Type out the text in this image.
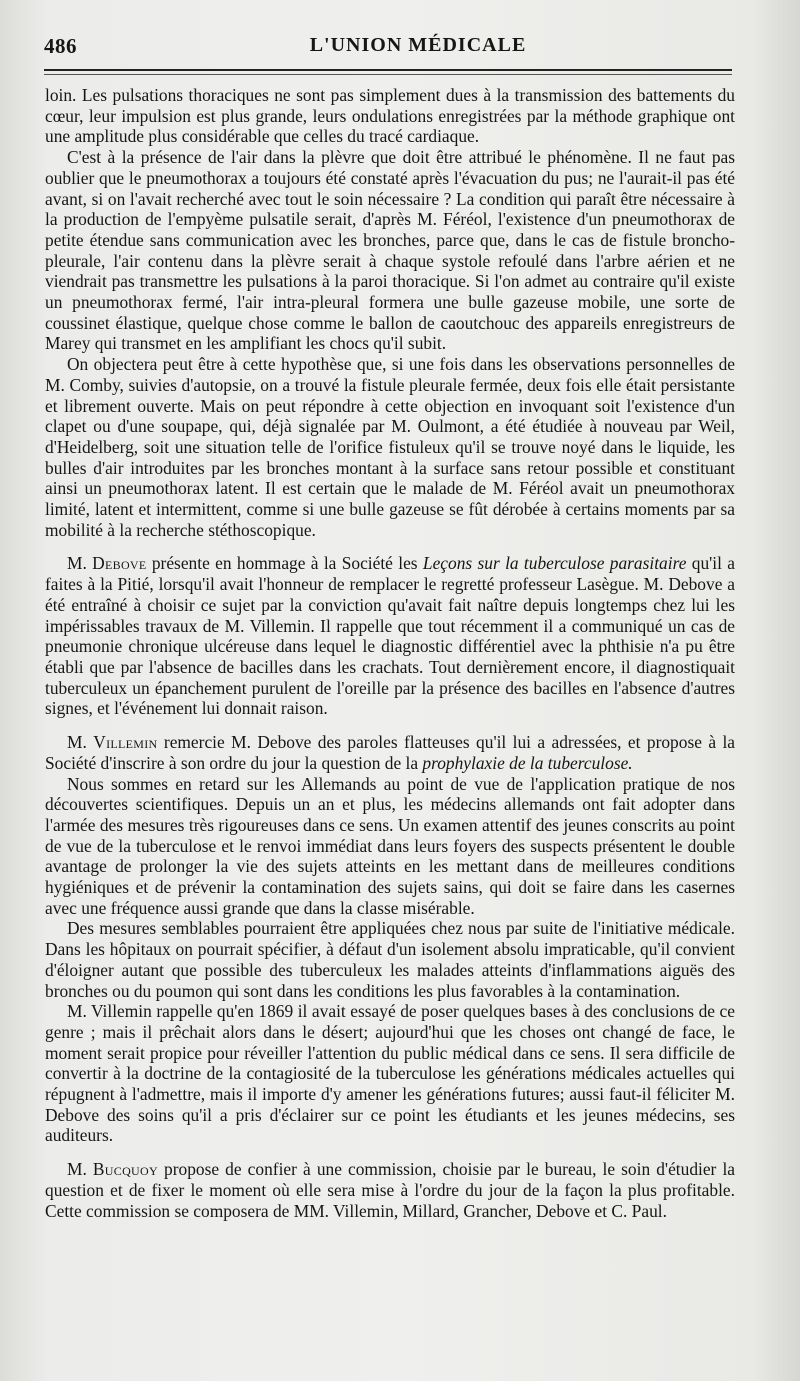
486	L'UNION MÉDICALE

loin. Les pulsations thoraciques ne sont pas simplement dues à la transmission des battements du cœur, leur impulsion est plus grande, leurs ondulations enregistrées par la méthode graphique ont une amplitude plus considérable que celles du tracé cardiaque.

C'est à la présence de l'air dans la plèvre que doit être attribué le phénomène. Il ne faut pas oublier que le pneumothorax a toujours été constaté après l'évacuation du pus; ne l'aurait-il pas été avant, si on l'avait recherché avec tout le soin nécessaire ? La condition qui paraît être nécessaire à la production de l'empyème pulsatile serait, d'après M. Féréol, l'existence d'un pneumothorax de petite étendue sans communication avec les bronches, parce que, dans le cas de fistule broncho-pleurale, l'air contenu dans la plèvre serait à chaque systole refoulé dans l'arbre aérien et ne viendrait pas transmettre les pulsations à la paroi thoracique. Si l'on admet au contraire qu'il existe un pneumothorax fermé, l'air intra-pleural formera une bulle gazeuse mobile, une sorte de coussinet élastique, quelque chose comme le ballon de caoutchouc des appareils enregistreurs de Marey qui transmet en les amplifiant les chocs qu'il subit.

On objectera peut être à cette hypothèse que, si une fois dans les observations personnelles de M. Comby, suivies d'autopsie, on a trouvé la fistule pleurale fermée, deux fois elle était persistante et librement ouverte. Mais on peut répondre à cette objection en invoquant soit l'existence d'un clapet ou d'une soupape, qui, déjà signalée par M. Oulmont, a été étudiée à nouveau par Weil, d'Heidelberg, soit une situation telle de l'orifice fistuleux qu'il se trouve noyé dans le liquide, les bulles d'air introduites par les bronches montant à la surface sans retour possible et constituant ainsi un pneumothorax latent. Il est certain que le malade de M. Féréol avait un pneumothorax limité, latent et intermittent, comme si une bulle gazeuse se fût dérobée à certains moments par sa mobilité à la recherche stéthoscopique.

M. Debove présente en hommage à la Société les Leçons sur la tuberculose parasitaire qu'il a faites à la Pitié, lorsqu'il avait l'honneur de remplacer le regretté professeur Lasègue. M. Debove a été entraîné à choisir ce sujet par la conviction qu'avait fait naître depuis longtemps chez lui les impérissables travaux de M. Villemin. Il rappelle que tout récemment il a communiqué un cas de pneumonie chronique ulcéreuse dans lequel le diagnostic différentiel avec la phthisie n'a pu être établi que par l'absence de bacilles dans les crachats. Tout dernièrement encore, il diagnostiquait tuberculeux un épanchement purulent de l'oreille par la présence des bacilles en l'absence d'autres signes, et l'événement lui donnait raison.

M. Villemin remercie M. Debove des paroles flatteuses qu'il lui a adressées, et propose à la Société d'inscrire à son ordre du jour la question de la prophylaxie de la tuberculose.

Nous sommes en retard sur les Allemands au point de vue de l'application pratique de nos découvertes scientifiques. Depuis un an et plus, les médecins allemands ont fait adopter dans l'armée des mesures très rigoureuses dans ce sens. Un examen attentif des jeunes conscrits au point de vue de la tuberculose et le renvoi immédiat dans leurs foyers des suspects présentent le double avantage de prolonger la vie des sujets atteints en les mettant dans de meilleures conditions hygiéniques et de prévenir la contamination des sujets sains, qui doit se faire dans les casernes avec une fréquence aussi grande que dans la classe misérable.

Des mesures semblables pourraient être appliquées chez nous par suite de l'initiative médicale. Dans les hôpitaux on pourrait spécifier, à défaut d'un isolement absolu impraticable, qu'il convient d'éloigner autant que possible des tuberculeux les malades atteints d'inflammations aiguës des bronches ou du poumon qui sont dans les conditions les plus favorables à la contamination.

M. Villemin rappelle qu'en 1869 il avait essayé de poser quelques bases à des conclusions de ce genre ; mais il prêchait alors dans le désert; aujourd'hui que les choses ont changé de face, le moment serait propice pour réveiller l'attention du public médical dans ce sens. Il sera difficile de convertir à la doctrine de la contagiosité de la tuberculose les générations médicales actuelles qui répugnent à l'admettre, mais il importe d'y amener les générations futures; aussi faut-il féliciter M. Debove des soins qu'il a pris d'éclairer sur ce point les étudiants et les jeunes médecins, ses auditeurs.

M. Bucquoy propose de confier à une commission, choisie par le bureau, le soin d'étudier la question et de fixer le moment où elle sera mise à l'ordre du jour de la façon la plus profitable. Cette commission se composera de MM. Villemin, Millard, Grancher, Debove et C. Paul.
